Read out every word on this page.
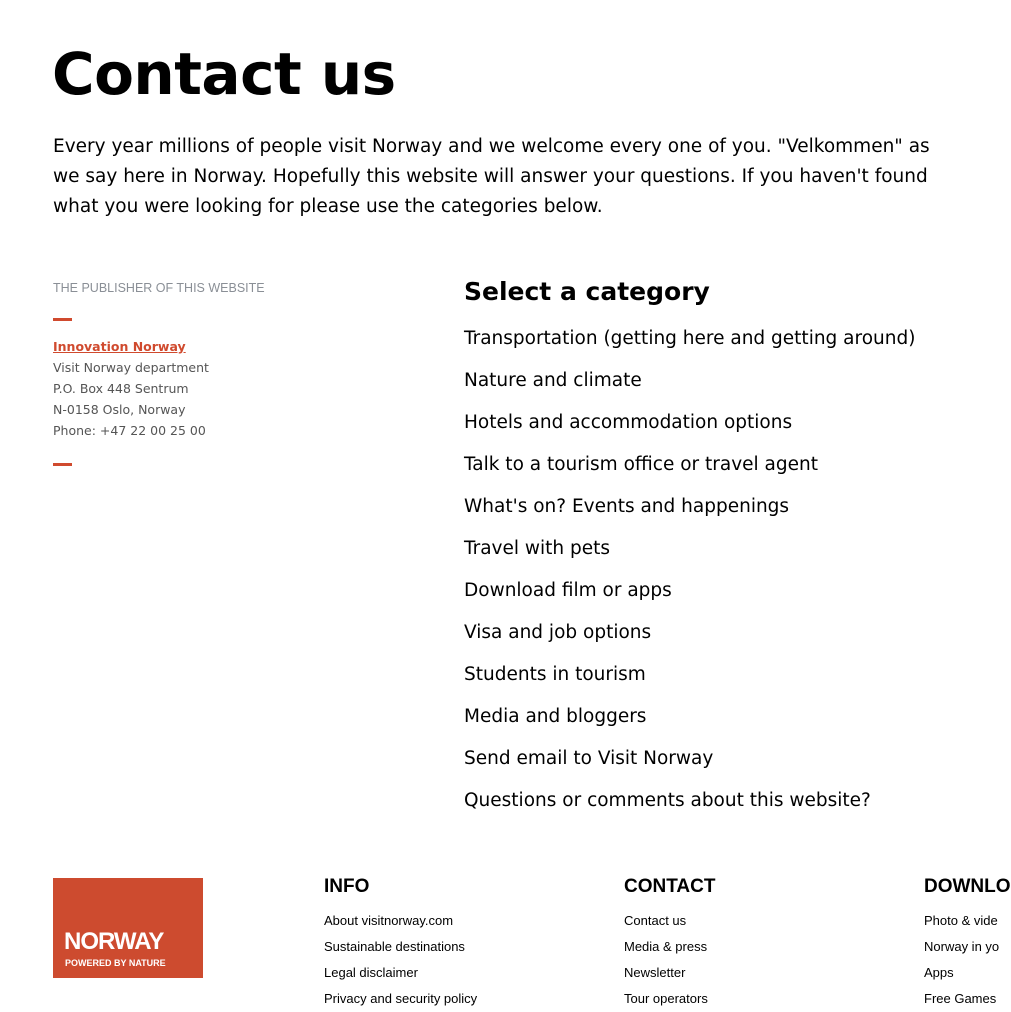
Contact us

Every year millions of people visit Norway and we welcome every one of you. "Velkommen" as we say here in Norway. Hopefully this website will answer your questions. If you haven't found what you were looking for please use the categories below.

THE PUBLISHER OF THIS WEBSITE
Innovation Norway
Visit Norway department
P.O. Box 448 Sentrum
N-0158 Oslo, Norway
Phone: +47 22 00 25 00
Select a category
Transportation (getting here and getting around)
Nature and climate
Hotels and accommodation options
Talk to a tourism office or travel agent
What's on? Events and happenings
Travel with pets
Download film or apps
Visa and job options
Students in tourism
Media and bloggers
Send email to Visit Norway
Questions or comments about this website?
NORWAY
POWERED BY NATURE
INFO
About visitnorway.com
Sustainable destinations
Legal disclaimer
Privacy and security policy
CONTACT
Contact us
Media & press
Newsletter
Tour operators
DOWNLO
Photo & vide
Norway in yo
Apps
Free Games
